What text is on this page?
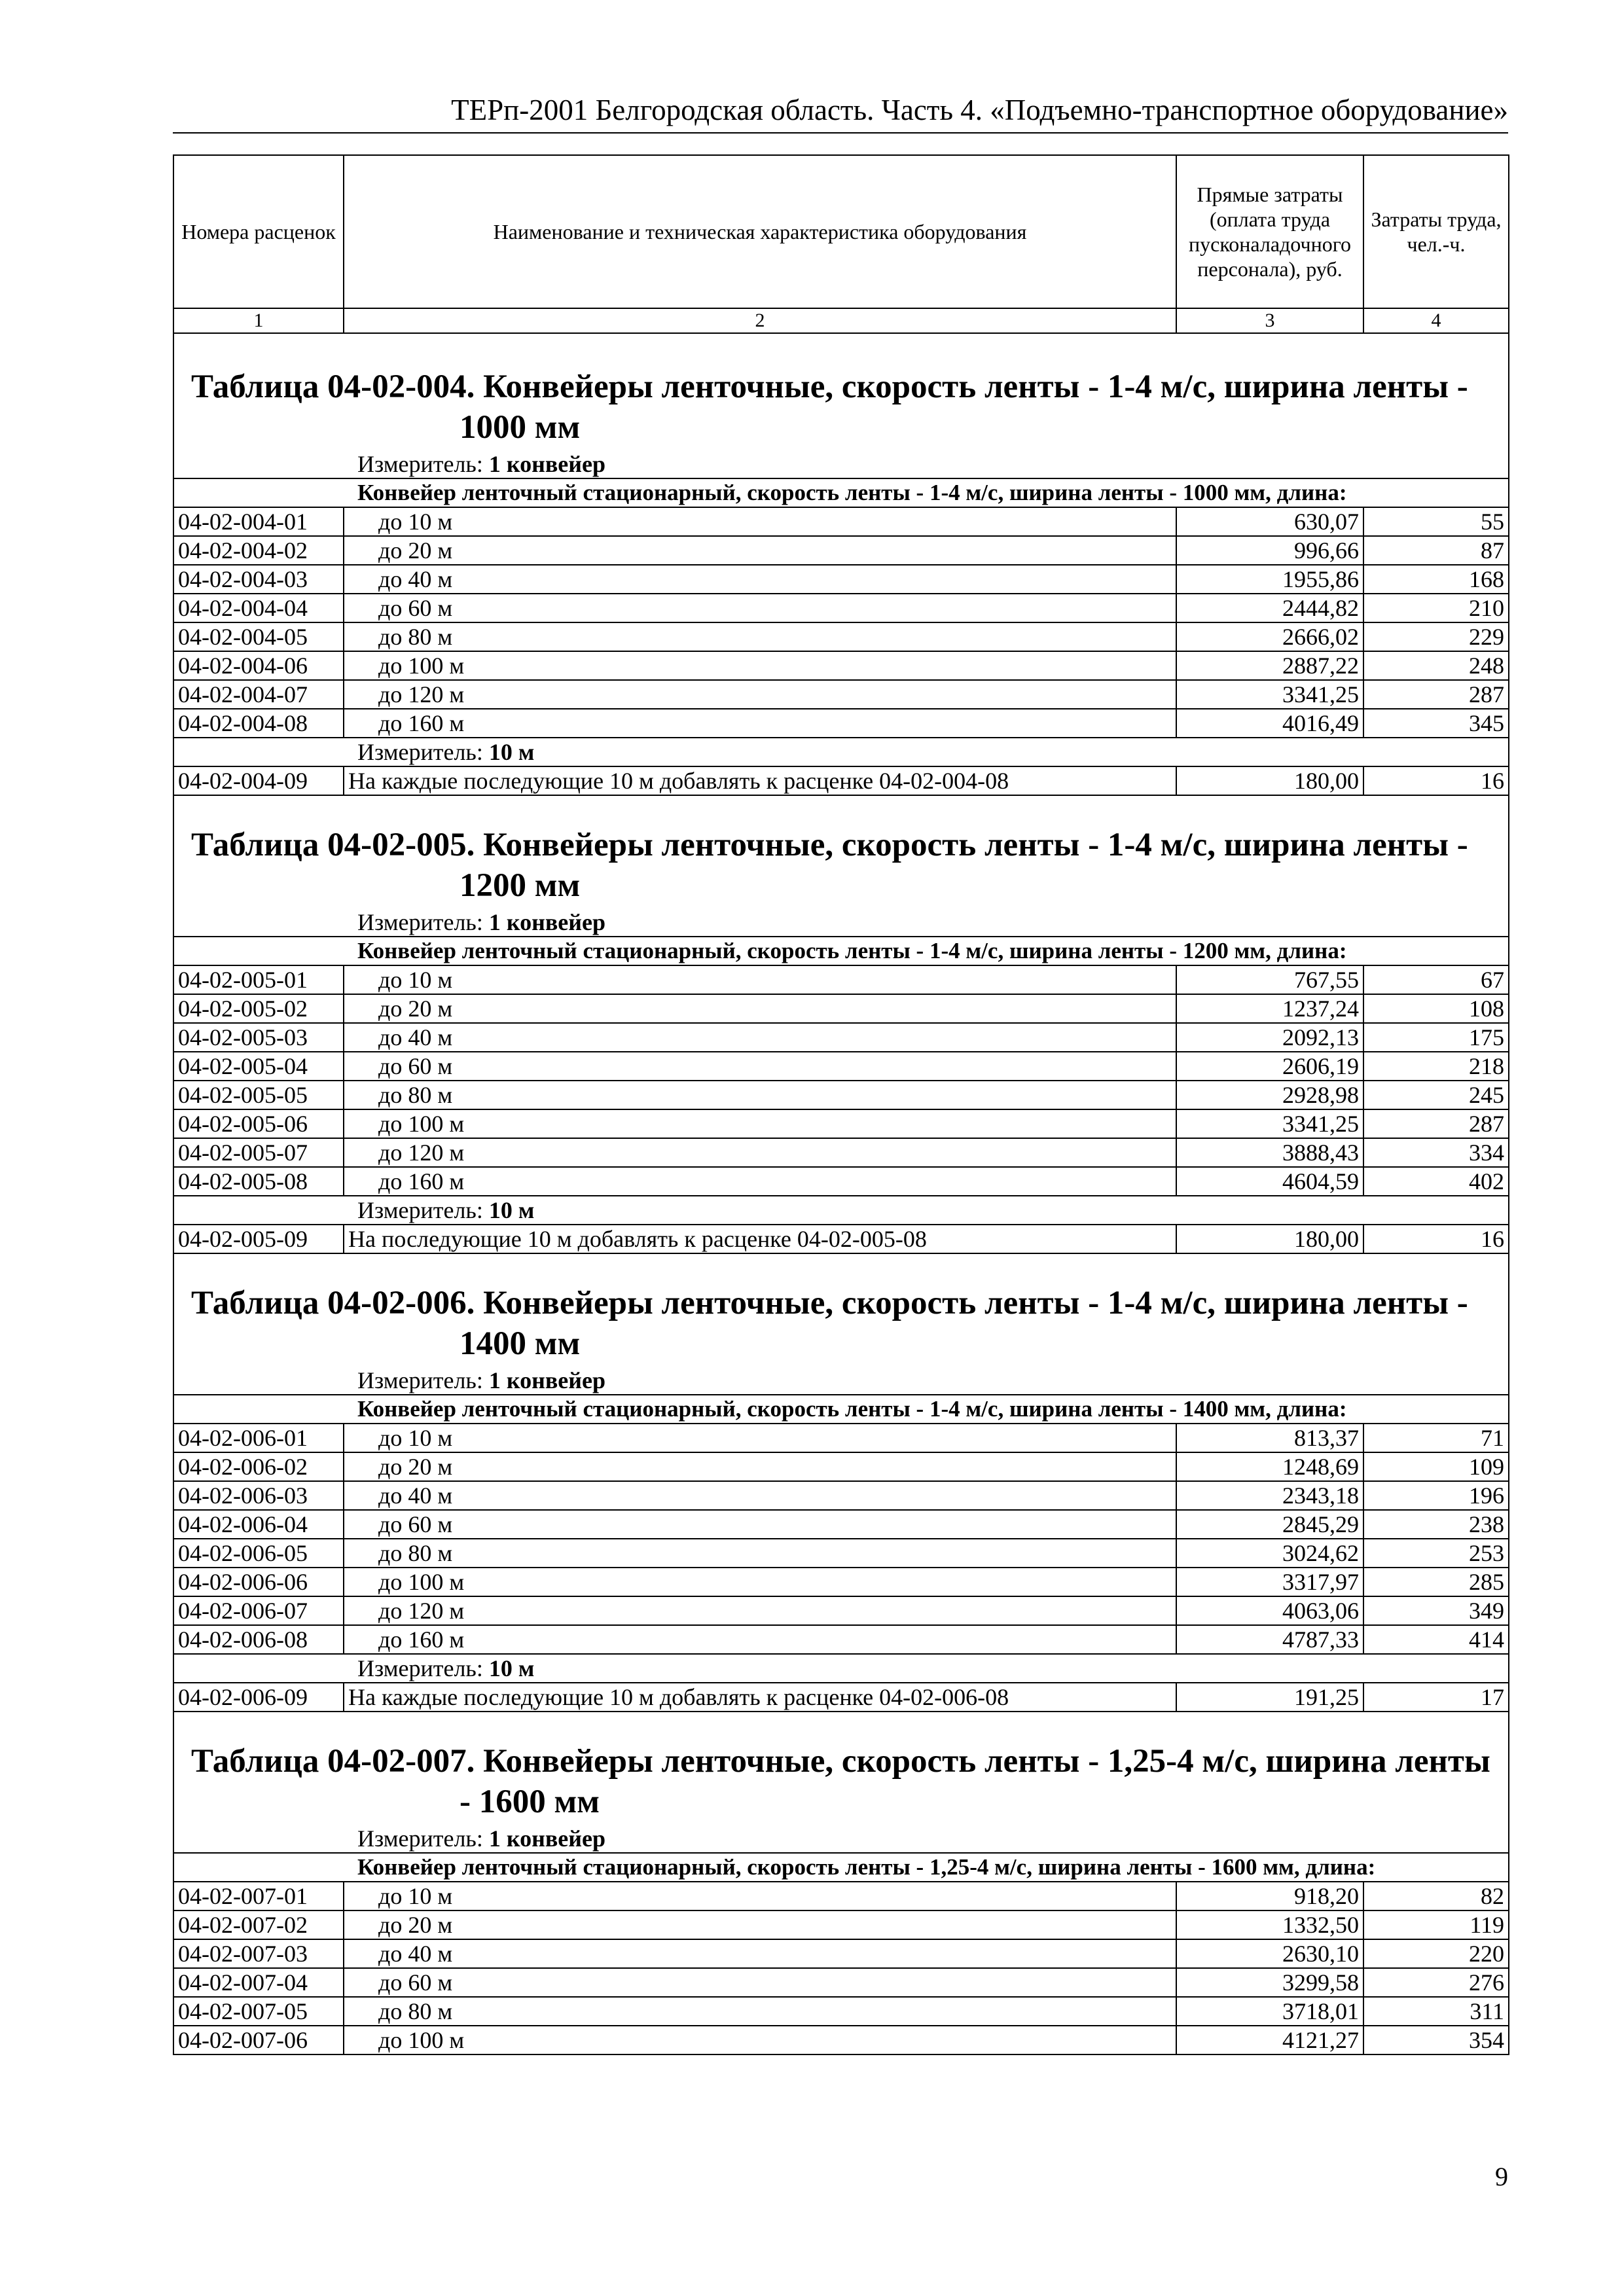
ТЕРп-2001 Белгородская область. Часть 4. «Подъемно-транспортное оборудование»
Номера расценок	Наименование и техническая характеристика оборудования	Прямые затраты (оплата труда пусконаладочного персонала), руб.	Затраты труда, чел.-ч.
1	2	3	4

Таблица 04-02-004. Конвейеры ленточные, скорость ленты - 1-4 м/с, ширина ленты - 1000 мм			

Измеритель: 1 конвейер			
Конвейер ленточный стационарный, скорость ленты - 1-4 м/с, ширина ленты - 1000 мм, длина:			
04-02-004-01	до 10 м	630,07	55
04-02-004-02	до 20 м	996,66	87
04-02-004-03	до 40 м	1955,86	168
04-02-004-04	до 60 м	2444,82	210
04-02-004-05	до 80 м	2666,02	229
04-02-004-06	до 100 м	2887,22	248
04-02-004-07	до 120 м	3341,25	287
04-02-004-08	до 160 м	4016,49	345
Измеритель: 10 м			
04-02-004-09	На каждые последующие 10 м добавлять к расценке 04-02-004-08	180,00	16

Таблица 04-02-005. Конвейеры ленточные, скорость ленты - 1-4 м/с, ширина ленты - 1200 мм			

Измеритель: 1 конвейер			
Конвейер ленточный стационарный, скорость ленты - 1-4 м/с, ширина ленты - 1200 мм, длина:			
04-02-005-01	до 10 м	767,55	67
04-02-005-02	до 20 м	1237,24	108
04-02-005-03	до 40 м	2092,13	175
04-02-005-04	до 60 м	2606,19	218
04-02-005-05	до 80 м	2928,98	245
04-02-005-06	до 100 м	3341,25	287
04-02-005-07	до 120 м	3888,43	334
04-02-005-08	до 160 м	4604,59	402
Измеритель: 10 м			
04-02-005-09	На последующие 10 м добавлять к расценке 04-02-005-08	180,00	16

Таблица 04-02-006. Конвейеры ленточные, скорость ленты - 1-4 м/с, ширина ленты - 1400 мм			

Измеритель: 1 конвейер			
Конвейер ленточный стационарный, скорость ленты - 1-4 м/с, ширина ленты - 1400 мм, длина:			
04-02-006-01	до 10 м	813,37	71
04-02-006-02	до 20 м	1248,69	109
04-02-006-03	до 40 м	2343,18	196
04-02-006-04	до 60 м	2845,29	238
04-02-006-05	до 80 м	3024,62	253
04-02-006-06	до 100 м	3317,97	285
04-02-006-07	до 120 м	4063,06	349
04-02-006-08	до 160 м	4787,33	414
Измеритель: 10 м			
04-02-006-09	На каждые последующие 10 м добавлять к расценке 04-02-006-08	191,25	17

Таблица 04-02-007. Конвейеры ленточные, скорость ленты - 1,25-4 м/с, ширина ленты - 1600 мм			

Измеритель: 1 конвейер			
Конвейер ленточный стационарный, скорость ленты - 1,25-4 м/с, ширина ленты - 1600 мм, длина:			
04-02-007-01	до 10 м	918,20	82
04-02-007-02	до 20 м	1332,50	119
04-02-007-03	до 40 м	2630,10	220
04-02-007-04	до 60 м	3299,58	276
04-02-007-05	до 80 м	3718,01	311
04-02-007-06	до 100 м	4121,27	354
9
